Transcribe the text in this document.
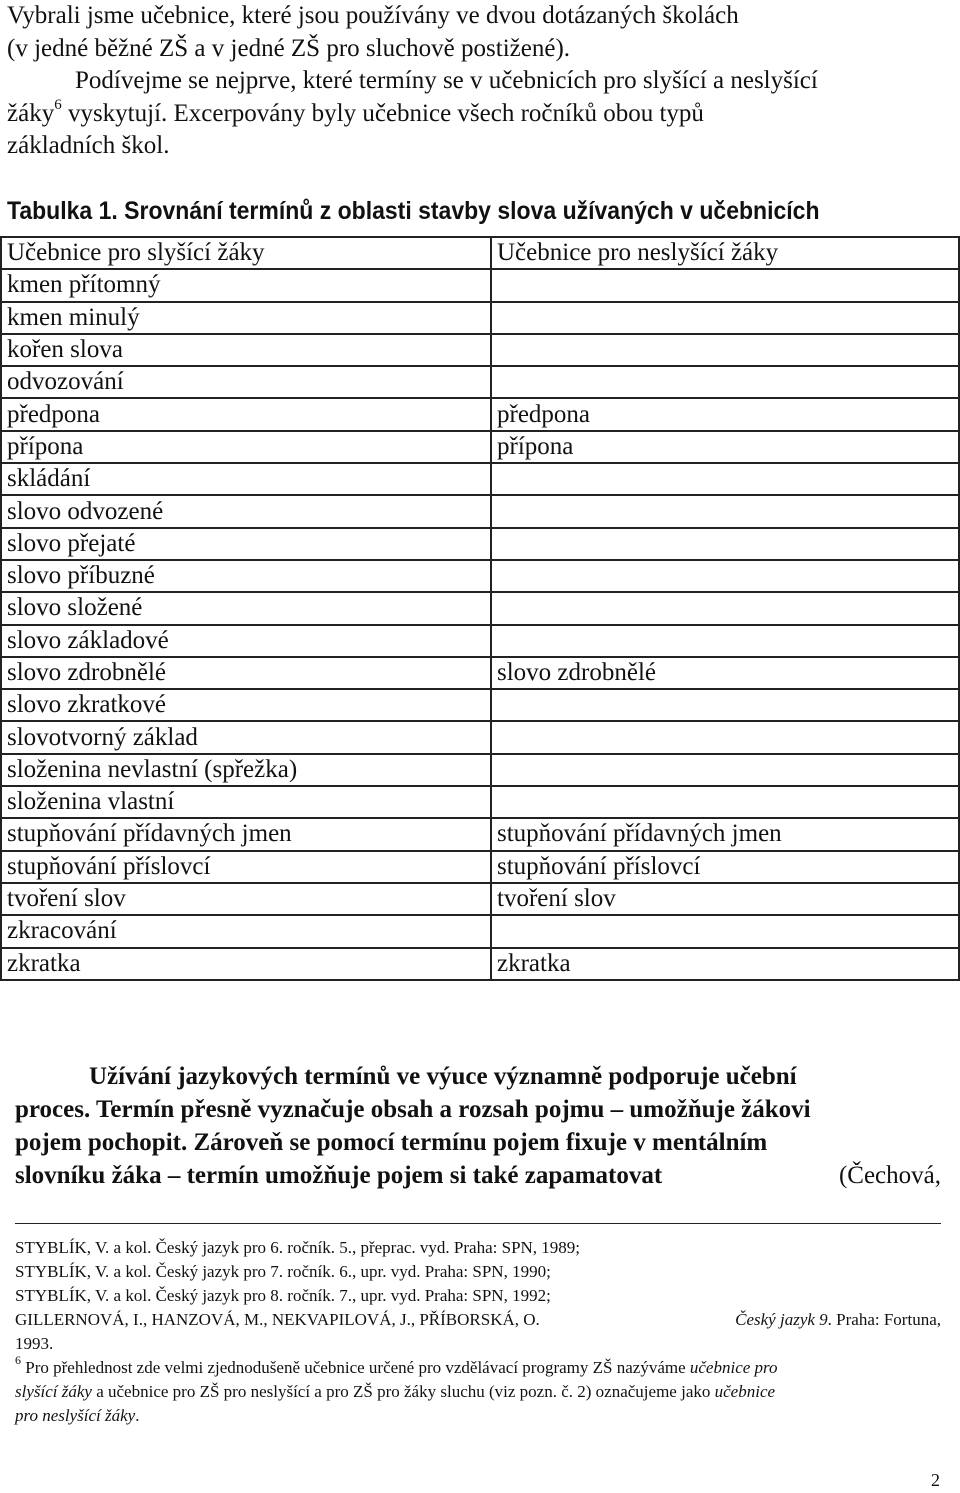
Vybrali jsme učebnice, které jsou používány ve dvou dotázaných školách
(v jedné běžné ZŠ a v jedné ZŠ pro sluchově postižené).
Podívejme se nejprve, které termíny se v učebnicích pro slyšící a neslyšící
žáky$^6$ vyskytují. Excerpovány byly učebnice všech ročníků obou typů
základních škol.
Tabulka 1. Srovnání termínů z oblasti stavby slova užívaných v učebnicích
Učebnice pro slyšící žáky	Učebnice pro neslyšící žáky
kmen přítomný	
kmen minulý	
kořen slova	
odvozování	
předpona	předpona
přípona	přípona
skládání	
slovo odvozené	
slovo přejaté	
slovo příbuzné	
slovo složené	
slovo základové	
slovo zdrobnělé	slovo zdrobnělé
slovo zkratkové	
slovotvorný základ	
složenina nevlastní (spřežka)	
složenina vlastní	
stupňování přídavných jmen	stupňování přídavných jmen
stupňování příslovcí	stupňování příslovcí
tvoření slov	tvoření slov
zkracování	
zkratka	zkratka
Užívání jazykových termínů ve výuce významně podporuje učební
proces. Termín přesně vyznačuje obsah a rozsah pojmu – umožňuje žákovi
pojem pochopit. Zároveň se pomocí termínu pojem fixuje v mentálním
slovníku žáka – termín umožňuje pojem si také zapamatovat	(Čechová,
STYBLÍK, V. a kol. Český jazyk pro 6. ročník. 5., přeprac. vyd. Praha: SPN, 1989;
STYBLÍK, V. a kol. Český jazyk pro 7. ročník. 6., upr. vyd. Praha: SPN, 1990;
STYBLÍK, V. a kol. Český jazyk pro 8. ročník. 7., upr. vyd. Praha: SPN, 1992;
GILLERNOVÁ, I., HANZOVÁ, M., NEKVAPILOVÁ, J., PŘÍBORSKÁ, O.	Český jazyk 9. Praha: Fortuna,
1993.
$^6$ Pro přehlednost zde velmi zjednodušeně učebnice určené pro vzdělávací programy ZŠ nazýváme učebnice pro
slyšící žáky a učebnice pro ZŠ pro neslyšící a pro ZŠ pro žáky sluchu (viz pozn. č. 2) označujeme jako učebnice
pro neslyšící žáky.
2
